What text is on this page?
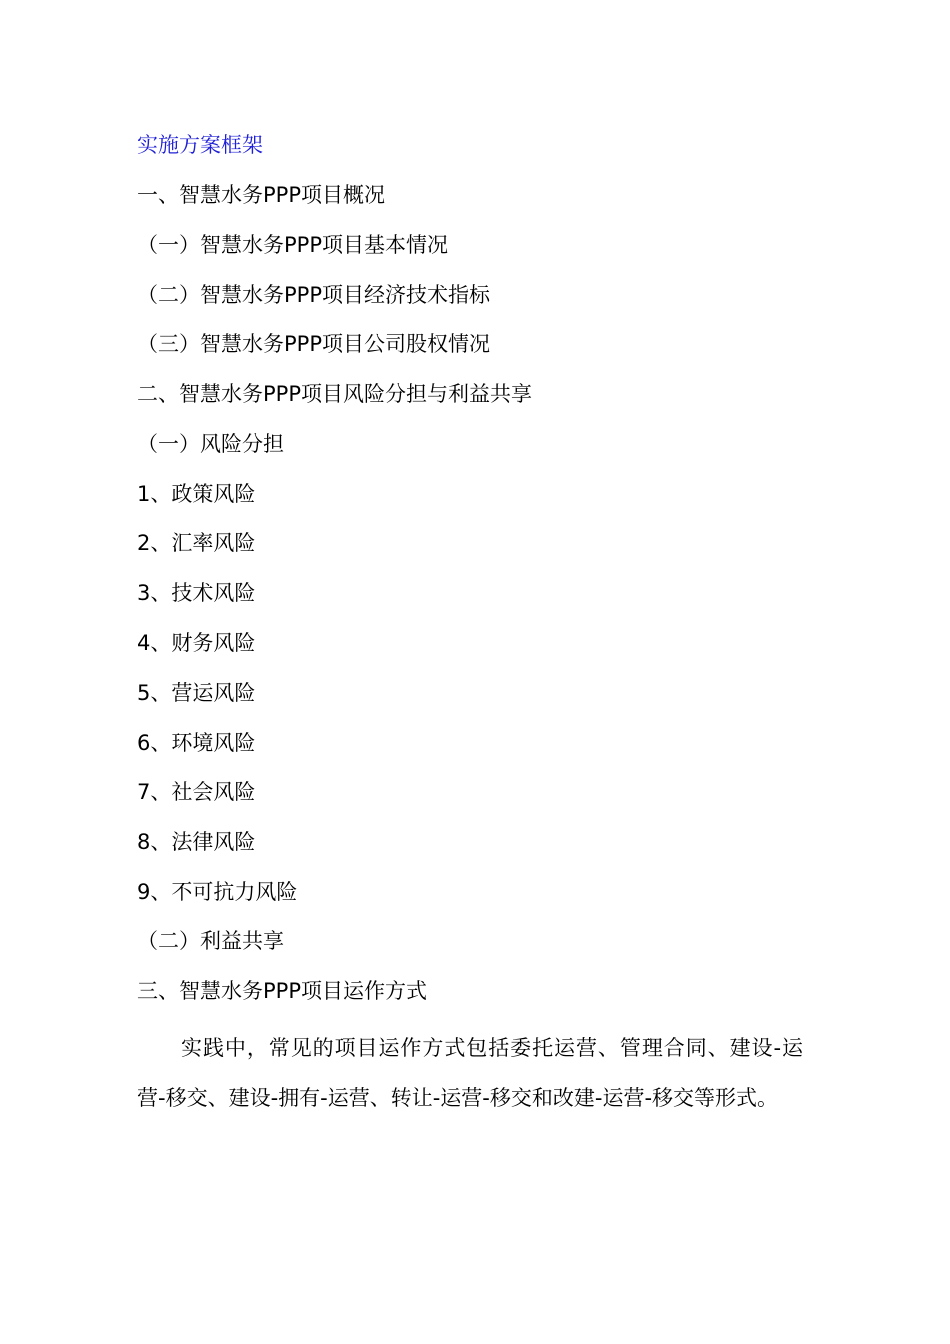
实施方案框架
一、智慧水务PPP项目概况
（一）智慧水务PPP项目基本情况
（二）智慧水务PPP项目经济技术指标
（三）智慧水务PPP项目公司股权情况
二、智慧水务PPP项目风险分担与利益共享
（一）风险分担
1、政策风险
2、汇率风险
3、技术风险
4、财务风险
5、营运风险
6、环境风险
7、社会风险
8、法律风险
9、不可抗力风险
（二）利益共享
三、智慧水务PPP项目运作方式
实践中，常见的项目运作方式包括委托运营、管理合同、建设-运营-移交、建设-拥有-运营、转让-运营-移交和改建-运营-移交等形式。
